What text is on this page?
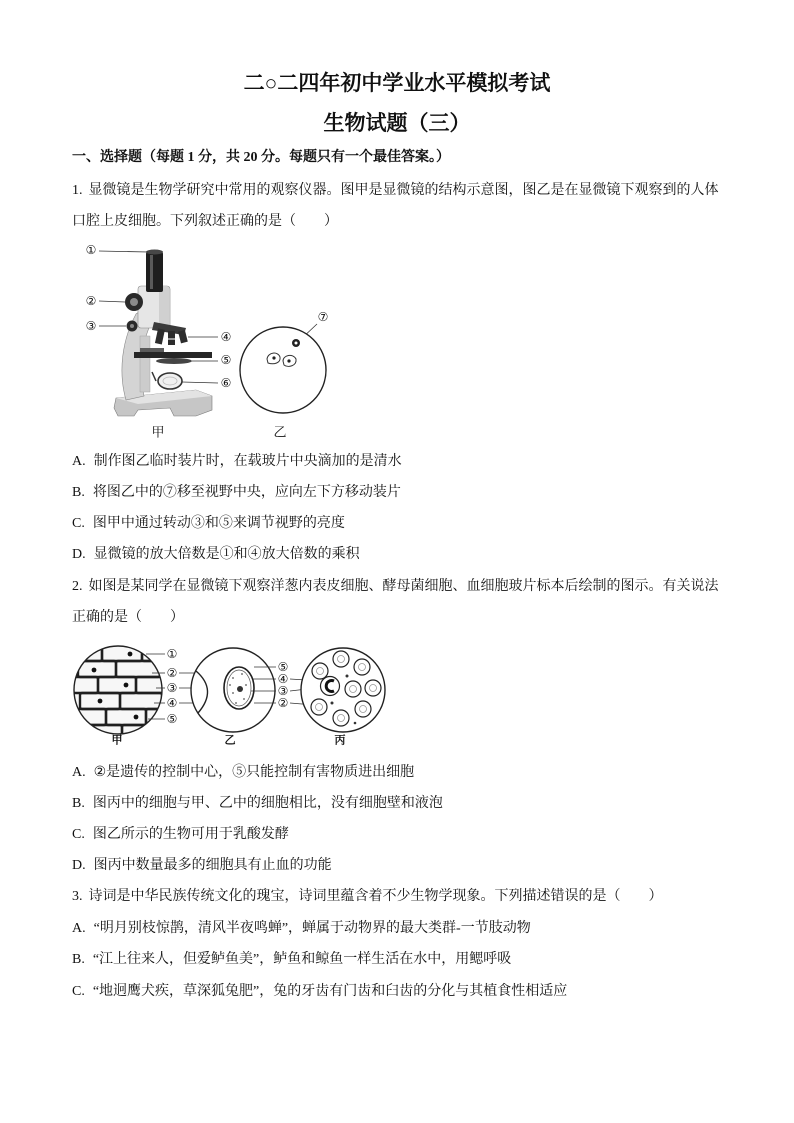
二○二四年初中学业水平模拟考试
生物试题（三）
一、选择题（每题 1 分，共 20 分。每题只有一个最佳答案。）
1. 显微镜是生物学研究中常用的观察仪器。图甲是显微镜的结构示意图，图乙是在显微镜下观察到的人体
口腔上皮细胞。下列叙述正确的是（　　）
①
②
③
④
⑤
⑥
⑦
甲	乙
A. 制作图乙临时装片时，在载玻片中央滴加的是清水
B. 将图乙中的⑦移至视野中央，应向左下方移动装片
C. 图甲中通过转动③和⑤来调节视野的亮度
D. 显微镜的放大倍数是①和④放大倍数的乘积
2. 如图是某同学在显微镜下观察洋葱内表皮细胞、酵母菌细胞、血细胞玻片标本后绘制的图示。有关说法
正确的是（　　）
①
②
③
④
⑤
⑤
④
③
②
甲	乙	丙
A. ②是遗传的控制中心，⑤只能控制有害物质进出细胞
B. 图丙中的细胞与甲、乙中的细胞相比，没有细胞壁和液泡
C. 图乙所示的生物可用于乳酸发酵
D. 图丙中数量最多的细胞具有止血的功能
3. 诗词是中华民族传统文化的瑰宝，诗词里蕴含着不少生物学现象。下列描述错误的是（　　）
A. “明月别枝惊鹊，清风半夜鸣蝉”，蝉属于动物界的最大类群-一节肢动物
B. “江上往来人，但爱鲈鱼美”，鲈鱼和鲸鱼一样生活在水中，用鳃呼吸
C. “地迥鹰犬疾，草深狐兔肥”，兔的牙齿有门齿和臼齿的分化与其植食性相适应
